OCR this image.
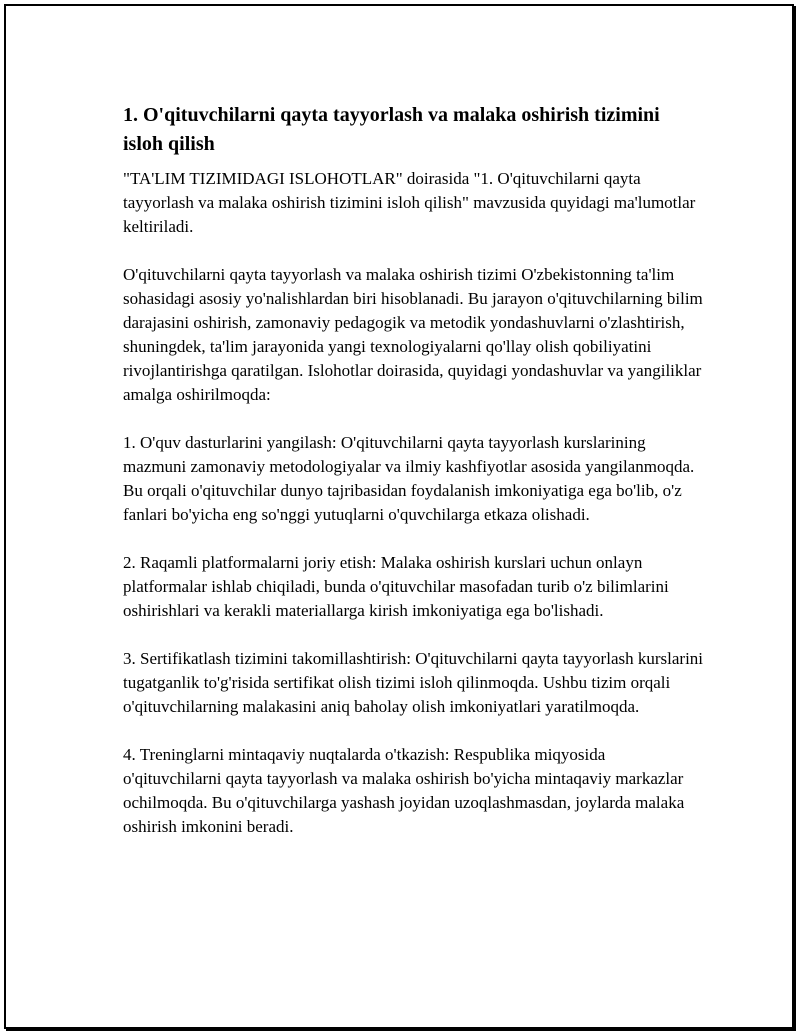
1. O'qituvchilarni qayta tayyorlash va malaka oshirish tizimini isloh qilish

"TA'LIM TIZIMIDAGI ISLOHOTLAR" doirasida "1. O'qituvchilarni qayta tayyorlash va malaka oshirish tizimini isloh qilish" mavzusida quyidagi ma'lumotlar keltiriladi.

O'qituvchilarni qayta tayyorlash va malaka oshirish tizimi O'zbekistonning ta'lim sohasidagi asosiy yo'nalishlardan biri hisoblanadi. Bu jarayon o'qituvchilarning bilim darajasini oshirish, zamonaviy pedagogik va metodik yondashuvlarni o'zlashtirish, shuningdek, ta'lim jarayonida yangi texnologiyalarni qo'llay olish qobiliyatini rivojlantirishga qaratilgan. Islohotlar doirasida, quyidagi yondashuvlar va yangiliklar amalga oshirilmoqda:

1. O'quv dasturlarini yangilash: O'qituvchilarni qayta tayyorlash kurslarining mazmuni zamonaviy metodologiyalar va ilmiy kashfiyotlar asosida yangilanmoqda. Bu orqali o'qituvchilar dunyo tajribasidan foydalanish imkoniyatiga ega bo'lib, o'z fanlari bo'yicha eng so'nggi yutuqlarni o'quvchilarga etkaza olishadi.

2. Raqamli platformalarni joriy etish: Malaka oshirish kurslari uchun onlayn platformalar ishlab chiqiladi, bunda o'qituvchilar masofadan turib o'z bilimlarini oshirishlari va kerakli materiallarga kirish imkoniyatiga ega bo'lishadi.

3. Sertifikatlash tizimini takomillashtirish: O'qituvchilarni qayta tayyorlash kurslarini tugatganlik to'g'risida sertifikat olish tizimi isloh qilinmoqda. Ushbu tizim orqali o'qituvchilarning malakasini aniq baholay olish imkoniyatlari yaratilmoqda.

4. Treninglarni mintaqaviy nuqtalarda o'tkazish: Respublika miqyosida o'qituvchilarni qayta tayyorlash va malaka oshirish bo'yicha mintaqaviy markazlar ochilmoqda. Bu o'qituvchilarga yashash joyidan uzoqlashmasdan, joylarda malaka oshirish imkonini beradi.
